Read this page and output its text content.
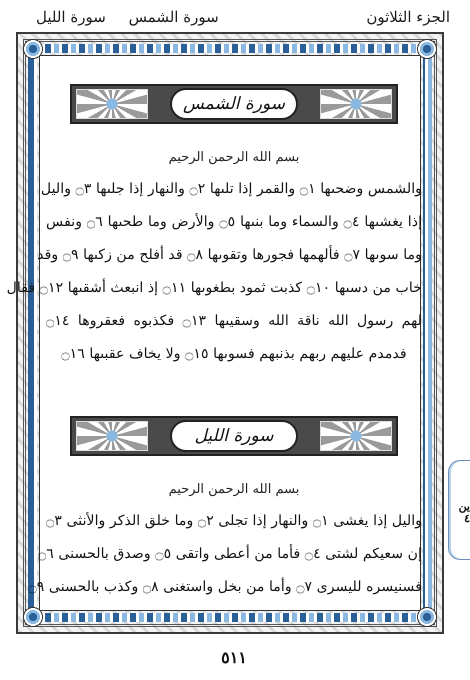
الجزء الثلاثون
سورة الشمس سورة الليل
سورة الشمس
بسم الله الرحمن الرحيم
والشمس وضحىها ۝١ والقمر إذا تلىها ۝٢ والنهار إذا جلىها ۝٣ واليل
إذا يغشىها ۝٤ والسماء وما بنىها ۝٥ والأرض وما طحىها ۝٦ ونفس
وما سوىها ۝٧ فألهمها فجورها وتقوىها ۝٨ قد أفلح من زكىها ۝٩ وقد
خاب من دسىها ۝١٠ كذبت ثمود بطغوىها ۝١١ إذ انبعث أشقىها ۝١٢ فقال
لهم رسول الله ناقة الله وسقيىها ۝١٣ فكذبوه فعقروها ۝١٤
فدمدم عليهم ربهم بذنبهم فسوىها ۝١٥ ولا يخاف عقبىها ۝١٦
سورة الليل
بسم الله الرحمن الرحيم
واليل إذا يغشى ۝١ والنهار إذا تجلى ۝٢ وما خلق الذكر والأنثى ۝٣
إن سعيكم لشتى ۝٤ فأما من أعطى واتقى ۝٥ وصدق بالحسنى ۝٦
فسنيسره لليسرى ۝٧ وأما من بخل واستغنى ۝٨ وكذب بالحسنى ۝٩
ين ٤
٥١١
